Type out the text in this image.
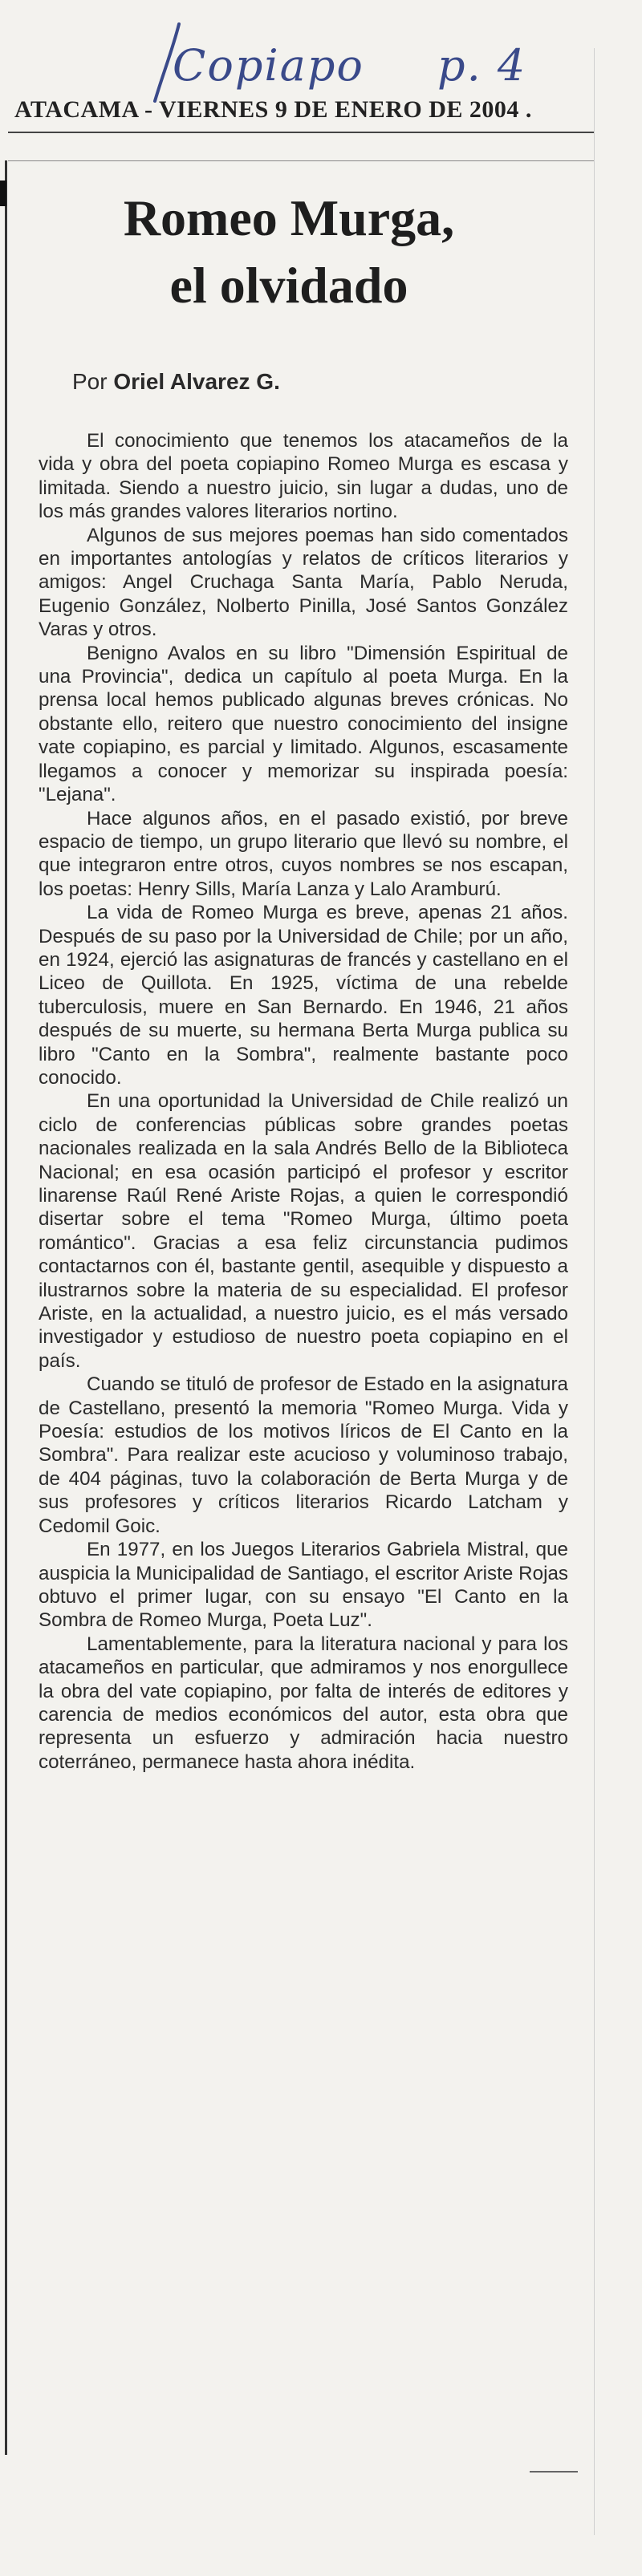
Copiapo p. 4
ATACAMA - VIERNES 9 DE ENERO DE 2004 .
Romeo Murga,
el olvidado
Por Oriel Alvarez G.

El conocimiento que tenemos los atacameños de la vida y obra del poeta copiapino Romeo Murga es escasa y limitada. Siendo a nuestro juicio, sin lugar a dudas, uno de los más grandes valores literarios nortino.

Algunos de sus mejores poemas han sido comentados en importantes antologías y relatos de críticos literarios y amigos: Angel Cruchaga Santa María, Pablo Neruda, Eugenio González, Nolberto Pinilla, José Santos González Varas y otros.

Benigno Avalos en su libro "Dimensión Espiritual de una Provincia", dedica un capítulo al poeta Murga. En la prensa local hemos publicado algunas breves crónicas. No obstante ello, reitero que nuestro conocimiento del insigne vate copiapino, es parcial y limitado. Algunos, escasamente llegamos a conocer y memorizar su inspirada poesía: "Lejana".

Hace algunos años, en el pasado existió, por breve espacio de tiempo, un grupo literario que llevó su nombre, el que integraron entre otros, cuyos nombres se nos escapan, los poetas: Henry Sills, María Lanza y Lalo Aramburú.

La vida de Romeo Murga es breve, apenas 21 años. Después de su paso por la Universidad de Chile; por un año, en 1924, ejerció las asignaturas de francés y castellano en el Liceo de Quillota. En 1925, víctima de una rebelde tuberculosis, muere en San Bernardo. En 1946, 21 años después de su muerte, su hermana Berta Murga publica su libro "Canto en la Sombra", realmente bastante poco conocido.

En una oportunidad la Universidad de Chile realizó un ciclo de conferencias públicas sobre grandes poetas nacionales realizada en la sala Andrés Bello de la Biblioteca Nacional; en esa ocasión participó el profesor y escritor linarense Raúl René Ariste Rojas, a quien le correspondió disertar sobre el tema "Romeo Murga, último poeta romántico". Gracias a esa feliz circunstancia pudimos contactarnos con él, bastante gentil, asequible y dispuesto a ilustrarnos sobre la materia de su especialidad. El profesor Ariste, en la actualidad, a nuestro juicio, es el más versado investigador y estudioso de nuestro poeta copiapino en el país.

Cuando se tituló de profesor de Estado en la asignatura de Castellano, presentó la memoria "Romeo Murga. Vida y Poesía: estudios de los motivos líricos de El Canto en la Sombra". Para realizar este acucioso y voluminoso trabajo, de 404 páginas, tuvo la colaboración de Berta Murga y de sus profesores y críticos literarios Ricardo Latcham y Cedomil Goic.

En 1977, en los Juegos Literarios Gabriela Mistral, que auspicia la Municipalidad de Santiago, el escritor Ariste Rojas obtuvo el primer lugar, con su ensayo "El Canto en la Sombra de Romeo Murga, Poeta Luz".

Lamentablemente, para la literatura nacional y para los atacameños en particular, que admiramos y nos enorgullece la obra del vate copiapino, por falta de interés de editores y carencia de medios económicos del autor, esta obra que representa un esfuerzo y admiración hacia nuestro coterráneo, permanece hasta ahora inédita.
